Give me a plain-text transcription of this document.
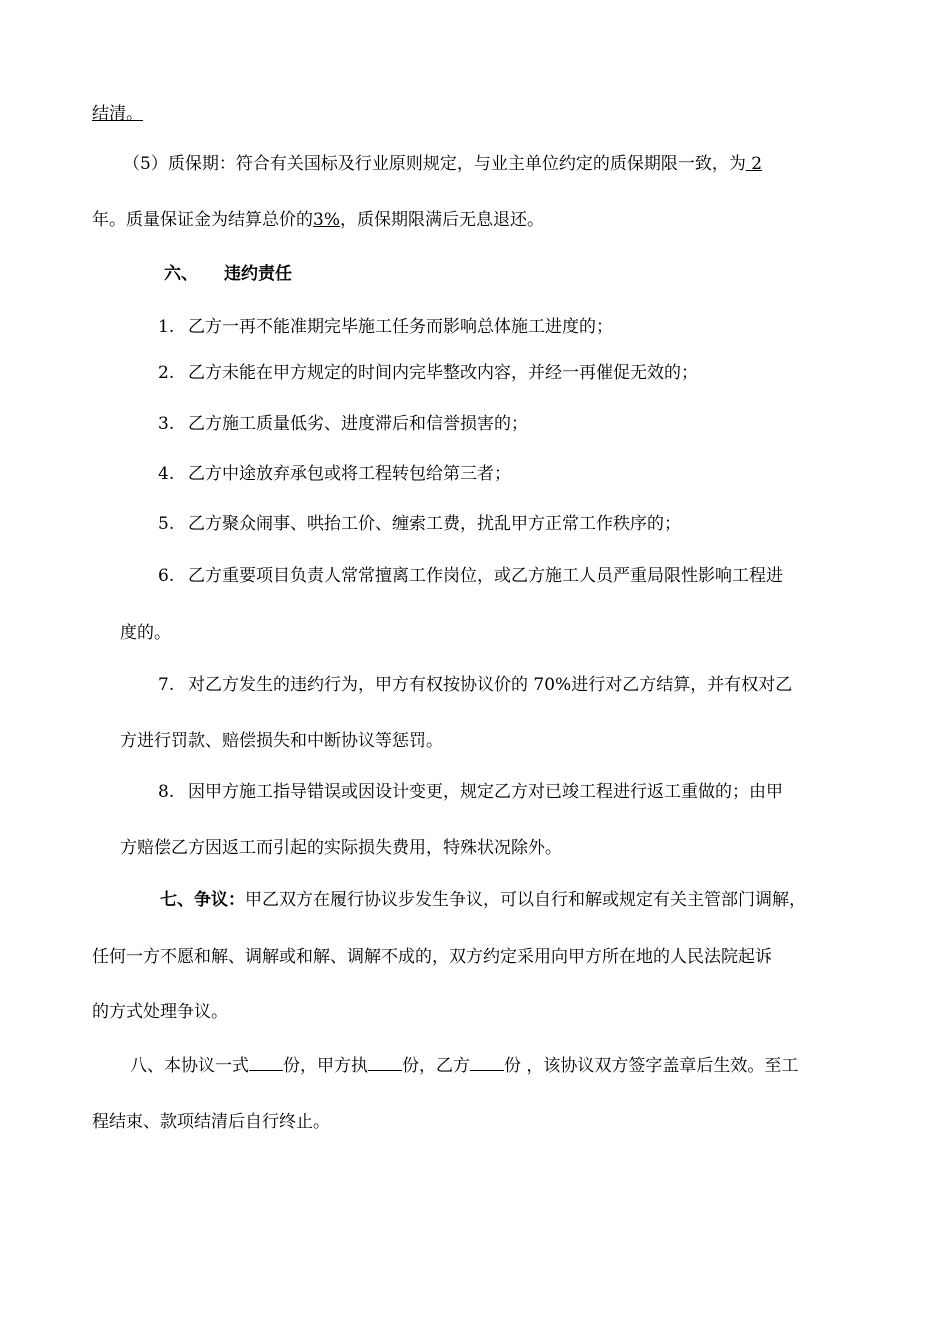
结清。
（5）质保期：符合有关国标及行业原则规定，与业主单位约定的质保期限一致，为 2
年。质量保证金为结算总价的3%，质保期限满后无息退还。
六、 违约责任
1. 乙方一再不能准期完毕施工任务而影响总体施工进度的；
2. 乙方未能在甲方规定的时间内完毕整改内容，并经一再催促无效的；
3. 乙方施工质量低劣、进度滞后和信誉损害的；
4. 乙方中途放弃承包或将工程转包给第三者；
5. 乙方聚众闹事、哄抬工价、缠索工费，扰乱甲方正常工作秩序的；
6. 乙方重要项目负责人常常擅离工作岗位，或乙方施工人员严重局限性影响工程进
度的。
7. 对乙方发生的违约行为，甲方有权按协议价的 70%进行对乙方结算，并有权对乙
方进行罚款、赔偿损失和中断协议等惩罚。
8. 因甲方施工指导错误或因设计变更，规定乙方对已竣工程进行返工重做的；由甲
方赔偿乙方因返工而引起的实际损失费用，特殊状况除外。
七、争议：甲乙双方在履行协议步发生争议，可以自行和解或规定有关主管部门调解，
任何一方不愿和解、调解或和解、调解不成的，双方约定采用向甲方所在地的人民法院起诉
的方式处理争议。
八、本协议一式 份，甲方执 份，乙方 份 ，该协议双方签字盖章后生效。至工
程结束、款项结清后自行终止。
